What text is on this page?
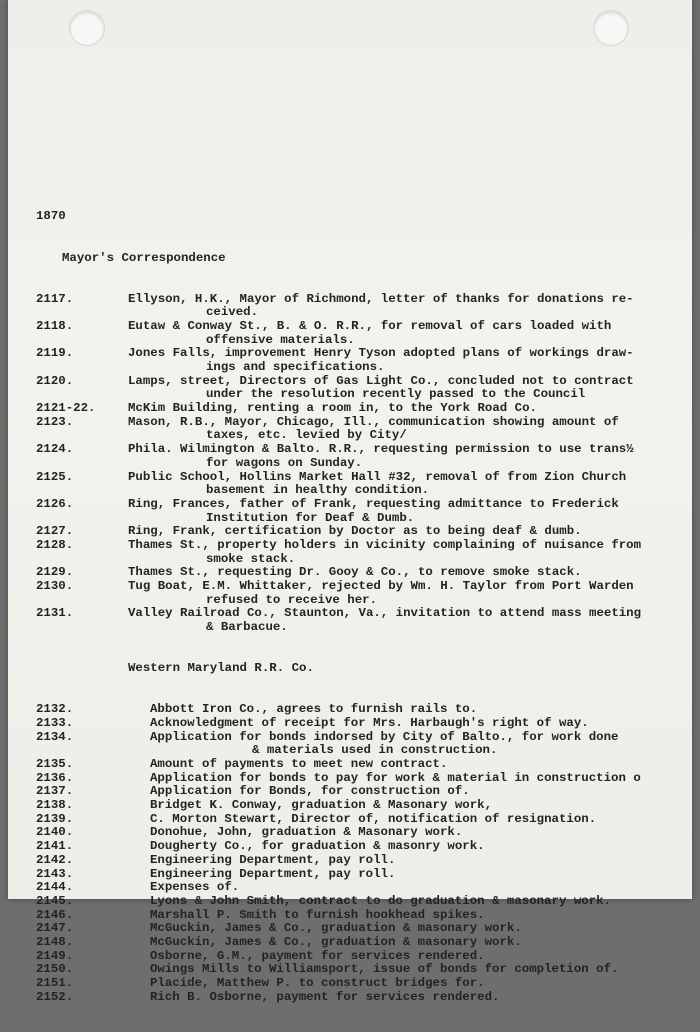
1870

Mayor's Correspondence

2117.	Ellyson, H.K., Mayor of Richmond, letter of thanks for donations re-
ceived.
2118.	Eutaw & Conway St., B. & O. R.R., for removal of cars loaded with
offensive materials.
2119.	Jones Falls, improvement Henry Tyson adopted plans of workings draw-
ings and specifications.
2120.	Lamps, street, Directors of Gas Light Co., concluded not to contract
under the resolution recently passed to the Council
2121-22.	McKim Building, renting a room in, to the York Road Co.
2123.	Mason, R.B., Mayor, Chicago, Ill., communication showing amount of
taxes, etc. levied by City/
2124.	Phila. Wilmington & Balto. R.R., requesting permission to use trans½
for wagons on Sunday.
2125.	Public School, Hollins Market Hall #32, removal of from Zion Church
basement in healthy condition.
2126.	Ring, Frances, father of Frank, requesting admittance to Frederick
Institution for Deaf & Dumb.
2127.	Ring, Frank, certification by Doctor as to being deaf & dumb.
2128.	Thames St., property holders in vicinity complaining of nuisance from
smoke stack.
2129.	Thames St., requesting Dr. Gooy & Co., to remove smoke stack.
2130.	Tug Boat, E.M. Whittaker, rejected by Wm. H. Taylor from Port Warden
refused to receive her.
2131.	Valley Railroad Co., Staunton, Va., invitation to attend mass meeting
& Barbacue.

Western Maryland R.R. Co.

2132.	Abbott Iron Co., agrees to furnish rails to.
2133.	Acknowledgment of receipt for Mrs. Harbaugh's right of way.
2134.	Application for bonds indorsed by City of Balto., for work done
& materials used in construction.
2135.	Amount of payments to meet new contract.
2136.	Application for bonds to pay for work & material in construction o
2137.	Application for Bonds, for construction of.
2138.	Bridget K. Conway, graduation & Masonary work,
2139.	C. Morton Stewart, Director of, notification of resignation.
2140.	Donohue, John, graduation & Masonary work.
2141.	Dougherty Co., for graduation & masonry work.
2142.	Engineering Department, pay roll.
2143.	Engineering Department, pay roll.
2144.	Expenses of.
2145.	Lyons & John Smith, contract to do graduation & masonary work.
2146.	Marshall P. Smith to furnish hookhead spikes.
2147.	McGuckin, James & Co., graduation & masonary work.
2148.	McGuckin, James & Co., graduation & masonary work.
2149.	Osborne, G.M., payment for services rendered.
2150.	Owings Mills to Williamsport, issue of bonds for completion of.
2151.	Placide, Matthew P. to construct bridges for.
2152.	Rich B. Osborne, payment for services rendered.
